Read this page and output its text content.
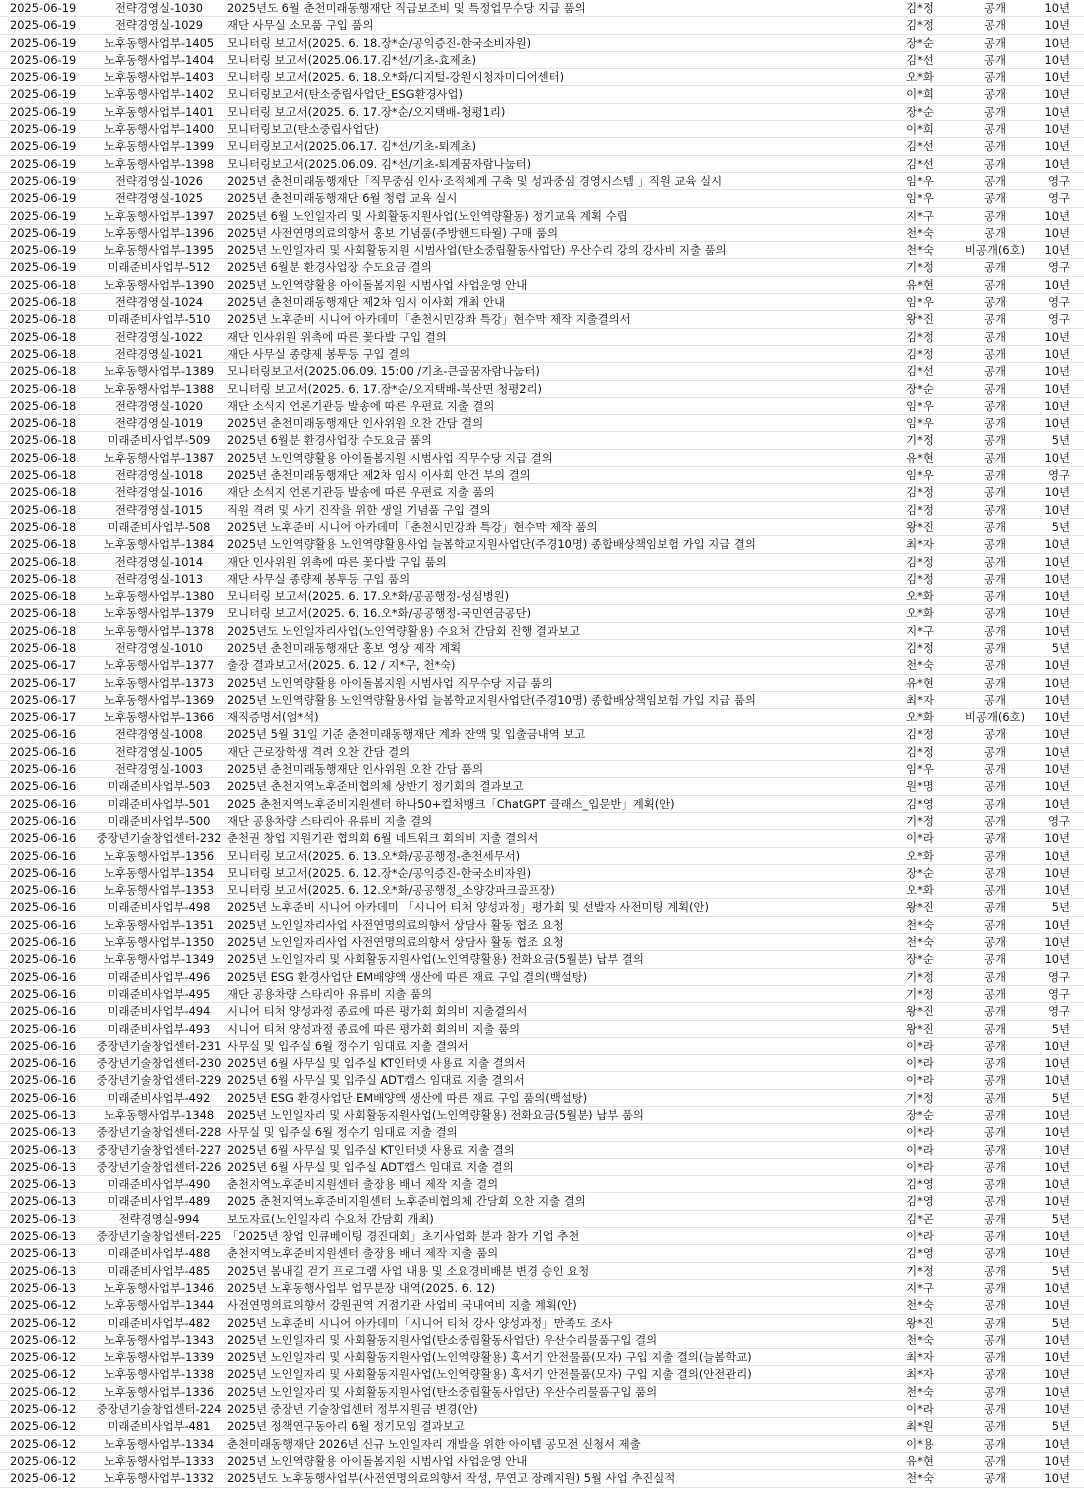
2025-06-19	전략경영실-1030	2025년도 6월 춘천미래동행재단 직급보조비 및 특정업무수당 지급 품의	김*정	공개	10년
2025-06-19	전략경영실-1029	재단 사무실 소모품 구입 품의	김*정	공개	10년
2025-06-19	노후동행사업부-1405	모니터링 보고서(2025. 6. 18.장*순/공익증진-한국소비자원)	장*순	공개	10년
2025-06-19	노후동행사업부-1404	모니터링 보고서(2025.06.17.김*선/기초-효제초)	김*선	공개	10년
2025-06-19	노후동행사업부-1403	모니터링 보고서(2025. 6. 18.오*화/디지털-강원시청자미디어센터)	오*화	공개	10년
2025-06-19	노후동행사업부-1402	모니터링보고서(탄소중립사업단_ESG환경사업)	이*희	공개	10년
2025-06-19	노후동행사업부-1401	모니터링 보고서(2025. 6. 17.장*순/오지택배-청평1리)	장*순	공개	10년
2025-06-19	노후동행사업부-1400	모니터링보고(탄소중립사업단)	이*희	공개	10년
2025-06-19	노후동행사업부-1399	모니터링보고서(2025.06.17. 김*선/기초-퇴계초)	김*선	공개	10년
2025-06-19	노후동행사업부-1398	모니터링보고서(2025.06.09. 김*선/기초-퇴계꿈자람나눔터)	김*선	공개	10년
2025-06-19	전략경영실-1026	2025년 춘천미래동행재단「직무중심 인사·조직체계 구축 및 성과중심 경영시스템 」직원 교육 실시	임*우	공개	영구
2025-06-19	전략경영실-1025	2025년 춘천미래동행재단 6월 청렴 교육 실시	임*우	공개	영구
2025-06-19	노후동행사업부-1397	2025년 6월 노인일자리 및 사회활동지원사업(노인역량활동) 정기교육 계획 수립	지*구	공개	10년
2025-06-19	노후동행사업부-1396	2025년 사전연명의료의향서 홍보 기념품(주방핸드타월) 구매 품의	천*숙	공개	10년
2025-06-19	노후동행사업부-1395	2025년 노인일자리 및 사회활동지원 시범사업(탄소중립활동사업단) 우산수리 강의 강사비 지출 품의	천*숙	비공개(6호)	10년
2025-06-19	미래준비사업부-512	2025년 6월분 환경사업장 수도요금 결의	기*정	공개	영구
2025-06-18	노후동행사업부-1390	2025년 노인역량활용 아이돌봄지원 시범사업 사업운영 안내	유*현	공개	10년
2025-06-18	전략경영실-1024	2025년 춘천미래동행재단 제2차 임시 이사회 개최 안내	임*우	공개	영구
2025-06-18	미래준비사업부-510	2025년 노후준비 시니어 아카데미「춘천시민강좌 특강」현수막 제작 지출결의서	왕*진	공개	영구
2025-06-18	전략경영실-1022	재단 인사위원 위촉에 따른 꽃다발 구입 결의	김*정	공개	10년
2025-06-18	전략경영실-1021	재단 사무실 종량제 봉투등 구입 결의	김*정	공개	10년
2025-06-18	노후동행사업부-1389	모니터링보고서(2025.06.09. 15:00 /기초-큰골꿈자람나눔터)	김*선	공개	10년
2025-06-18	노후동행사업부-1388	모니터링 보고서(2025. 6. 17.장*순/오지택배-북산면 청평2리)	장*순	공개	10년
2025-06-18	전략경영실-1020	재단 소식지 언론기관등 발송에 따른 우편료 지출 결의	임*우	공개	10년
2025-06-18	전략경영실-1019	2025년 춘천미래동행재단 인사위원 오찬 간담 결의	임*우	공개	10년
2025-06-18	미래준비사업부-509	2025년 6월분 환경사업장 수도요금 품의	기*정	공개	5년
2025-06-18	노후동행사업부-1387	2025년 노인역량활용 아이돌봄지원 시범사업 직무수당 지급 결의	유*현	공개	10년
2025-06-18	전략경영실-1018	2025년 춘천미래동행재단 제2차 임시 이사회 안건 부의 결의	임*우	공개	영구
2025-06-18	전략경영실-1016	재단 소식지 언론기관등 발송에 따른 우편료 지출 품의	김*정	공개	10년
2025-06-18	전략경영실-1015	직원 격려 및 사기 진작을 위한 생일 기념품 구입 결의	김*정	공개	10년
2025-06-18	미래준비사업부-508	2025년 노후준비 시니어 아카데미「춘천시민강좌 특강」현수막 제작 품의	왕*진	공개	5년
2025-06-18	노후동행사업부-1384	2025년 노인역량활용 노인역량활용사업 늘봄학교지원사업단(주경10명) 종합배상책임보험 가입 지급 결의	최*자	공개	10년
2025-06-18	전략경영실-1014	재단 인사위원 위촉에 따른 꽃다발 구입 품의	김*정	공개	10년
2025-06-18	전략경영실-1013	재단 사무실 종량제 봉투등 구입 품의	김*정	공개	10년
2025-06-18	노후동행사업부-1380	모니터링 보고서(2025. 6. 17.오*화/공공행정-성심병원)	오*화	공개	10년
2025-06-18	노후동행사업부-1379	모니터링 보고서(2025. 6. 16.오*화/공공행정-국민연금공단)	오*화	공개	10년
2025-06-18	노후동행사업부-1378	2025년도 노인일자리사업(노인역량활용) 수요처 간담회 진행 결과보고	지*구	공개	10년
2025-06-18	전략경영실-1010	2025년 춘천미래동행재단 홍보 영상 제작 계획	김*정	공개	5년
2025-06-17	노후동행사업부-1377	출장 결과보고서(2025. 6. 12 / 지*구, 천*숙)	천*숙	공개	10년
2025-06-17	노후동행사업부-1373	2025년 노인역량활용 아이돌봄지원 시범사업 직무수당 지급 품의	유*현	공개	10년
2025-06-17	노후동행사업부-1369	2025년 노인역량활용 노인역량활용사업 늘봄학교지원사업단(주경10명) 종합배상책임보험 가입 지급 품의	최*자	공개	10년
2025-06-17	노후동행사업부-1366	재직증명서(엄*석)	오*화	비공개(6호)	10년
2025-06-16	전략경영실-1008	2025년 5월 31일 기준 춘천미래동행재단 계좌 잔액 및 입출금내역 보고	김*정	공개	10년
2025-06-16	전략경영실-1005	재단 근로장학생 격려 오찬 간담 결의	김*정	공개	10년
2025-06-16	전략경영실-1003	2025년 춘천미래동행재단 인사위원 오찬 간담 품의	임*우	공개	10년
2025-06-16	미래준비사업부-503	2025년 춘천지역노후준비협의체 상반기 정기회의 결과보고	원*명	공개	10년
2025-06-16	미래준비사업부-501	2025 춘천지역노후준비지원센터 하나50+컬처뱅크「ChatGPT 클래스_입문반」계획(안)	김*영	공개	10년
2025-06-16	미래준비사업부-500	재단 공용차량 스타리아 유류비 지출 결의	기*정	공개	영구
2025-06-16	중장년기술창업센터-232 춘천권 창업 지원기관 협의회 6월 네트워크 회의비 지출 결의서	이*라	공개	10년
2025-06-16	노후동행사업부-1356	모니터링 보고서(2025. 6. 13.오*화/공공행정-춘천세무서)	오*화	공개	10년
2025-06-16	노후동행사업부-1354	모니터링 보고서(2025. 6. 12.장*순/공익증진-한국소비자원)	장*순	공개	10년
2025-06-16	노후동행사업부-1353	모니터링 보고서(2025. 6. 12.오*화/공공행정_소양강파크골프장)	오*화	공개	10년
2025-06-16	미래준비사업부-498	2025년 노후준비 시니어 아카데미 「시니어 티처 양성과정」평가회 및 선발자 사전미팅 계획(안)	왕*진	공개	5년
2025-06-16	노후동행사업부-1351	2025년 노인일자리사업 사전연명의료의향서 상담사 활동 협조 요청	천*숙	공개	10년
2025-06-16	노후동행사업부-1350	2025년 노인일자리사업 사전연명의료의향서 상담사 활동 협조 요청	천*숙	공개	10년
2025-06-16	노후동행사업부-1349	2025년 노인일자리 및 사회활동지원사업(노인역량활용) 전화요금(5월분) 납부 결의	장*순	공개	10년
2025-06-16	미래준비사업부-496	2025년 ESG 환경사업단 EM배양액 생산에 따른 재료 구입 결의(백설탕)	기*정	공개	영구
2025-06-16	미래준비사업부-495	재단 공용차량 스타리아 유류비 지출 품의	기*정	공개	영구
2025-06-16	미래준비사업부-494	시니어 티처 양성과정 종료에 따른 평가회 회의비 지출결의서	왕*진	공개	영구
2025-06-16	미래준비사업부-493	시니어 티처 양성과정 종료에 따른 평가회 회의비 지출 품의	왕*진	공개	5년
2025-06-16	중장년기술창업센터-231 사무실 및 입주실 6월 정수기 임대료 지출 결의서	이*라	공개	10년
2025-06-16	중장년기술창업센터-230 2025년 6월 사무실 및 입주실 KT인터넷 사용료 지출 결의서	이*라	공개	10년
2025-06-16	중장년기술창업센터-229 2025년 6월 사무실 및 입주실 ADT캡스 임대료 지출 결의서	이*라	공개	10년
2025-06-16	미래준비사업부-492	2025년 ESG 환경사업단 EM배양액 생산에 따른 재료 구입 품의(백설탕)	기*정	공개	5년
2025-06-13	노후동행사업부-1348	2025년 노인일자리 및 사회활동지원사업(노인역량활용) 전화요금(5월분) 납부 품의	장*순	공개	10년
2025-06-13	중장년기술창업센터-228 사무실 및 입주실 6월 정수기 임대료 지출 결의	이*라	공개	10년
2025-06-13	중장년기술창업센터-227 2025년 6월 사무실 및 입주실 KT인터넷 사용료 지출 결의	이*라	공개	10년
2025-06-13	중장년기술창업센터-226 2025년 6월 사무실 및 입주실 ADT캡스 임대료 지출 결의	이*라	공개	10년
2025-06-13	미래준비사업부-490	춘천지역노후준비지원센터 출장용 배너 제작 지출 결의	김*영	공개	10년
2025-06-13	미래준비사업부-489	2025 춘천지역노후준비지원센터 노후준비협의체 간담회 오찬 지출 결의	김*영	공개	10년
2025-06-13	전략경영실-994	보도자료(노인일자리 수요처 간담회 개최)	김*곤	공개	5년
2025-06-13	중장년기술창업센터-225 「2025년 창업 인큐베이팅 경진대회」초기사업화 분과 참가 기업 추천	이*라	공개	10년
2025-06-13	미래준비사업부-488	춘천지역노후준비지원센터 출장용 배너 제작 지출 품의	김*영	공개	10년
2025-06-13	미래준비사업부-485	2025년 봄내길 걷기 프로그램 사업 내용 및 소요경비배분 변경 승인 요청	기*정	공개	5년
2025-06-13	노후동행사업부-1346	2025년 노후동행사업부 업무분장 내역(2025. 6. 12)	지*구	공개	10년
2025-06-12	노후동행사업부-1344	사전연명의료의향서 강원권역 거점기관 사업비 국내여비 지출 계획(안)	천*숙	공개	10년
2025-06-12	미래준비사업부-482	2025년 노후준비 시니어 아카데미「시니어 티처 강사 양성과정」만족도 조사	왕*진	공개	5년
2025-06-12	노후동행사업부-1343	2025년 노인일자리 및 사회활동지원사업(탄소중립활동사업단) 우산수리물품구입 결의	천*숙	공개	10년
2025-06-12	노후동행사업부-1339	2025년 노인일자리 및 사회활동지원사업(노인역량활용) 혹서기 안전물품(모자) 구입 지출 결의(늘봄학교)	최*자	공개	10년
2025-06-12	노후동행사업부-1338	2025년 노인일자리 및 사회활동지원사업(노인역량활용) 혹서기 안전물품(모자) 구입 지출 결의(안전관리)	최*자	공개	10년
2025-06-12	노후동행사업부-1336	2025년 노인일자리 및 사회활동지원사업(탄소중립활동사업단) 우산수리물품구입 품의	천*숙	공개	10년
2025-06-12	중장년기술창업센터-224 2025년 중장년 기술창업센터 정부지원금 변경(안)	이*라	공개	10년
2025-06-12	미래준비사업부-481	2025년 정책연구동아리 6월 정기모임 결과보고	최*원	공개	5년
2025-06-12	노후동행사업부-1334	춘천미래동행재단 2026년 신규 노인일자리 개발을 위한 아이템 공모전 신청서 제출	이*용	공개	10년
2025-06-12	노후동행사업부-1333	2025년 노인역량활용 아이돌봄지원 시범사업 사업운영 안내	유*현	공개	10년
2025-06-12	노후동행사업부-1332	2025년도 노후동행사업부(사전연명의료의향서 작성, 무연고 장례지원) 5월 사업 추진실적	천*숙	공개	10년
